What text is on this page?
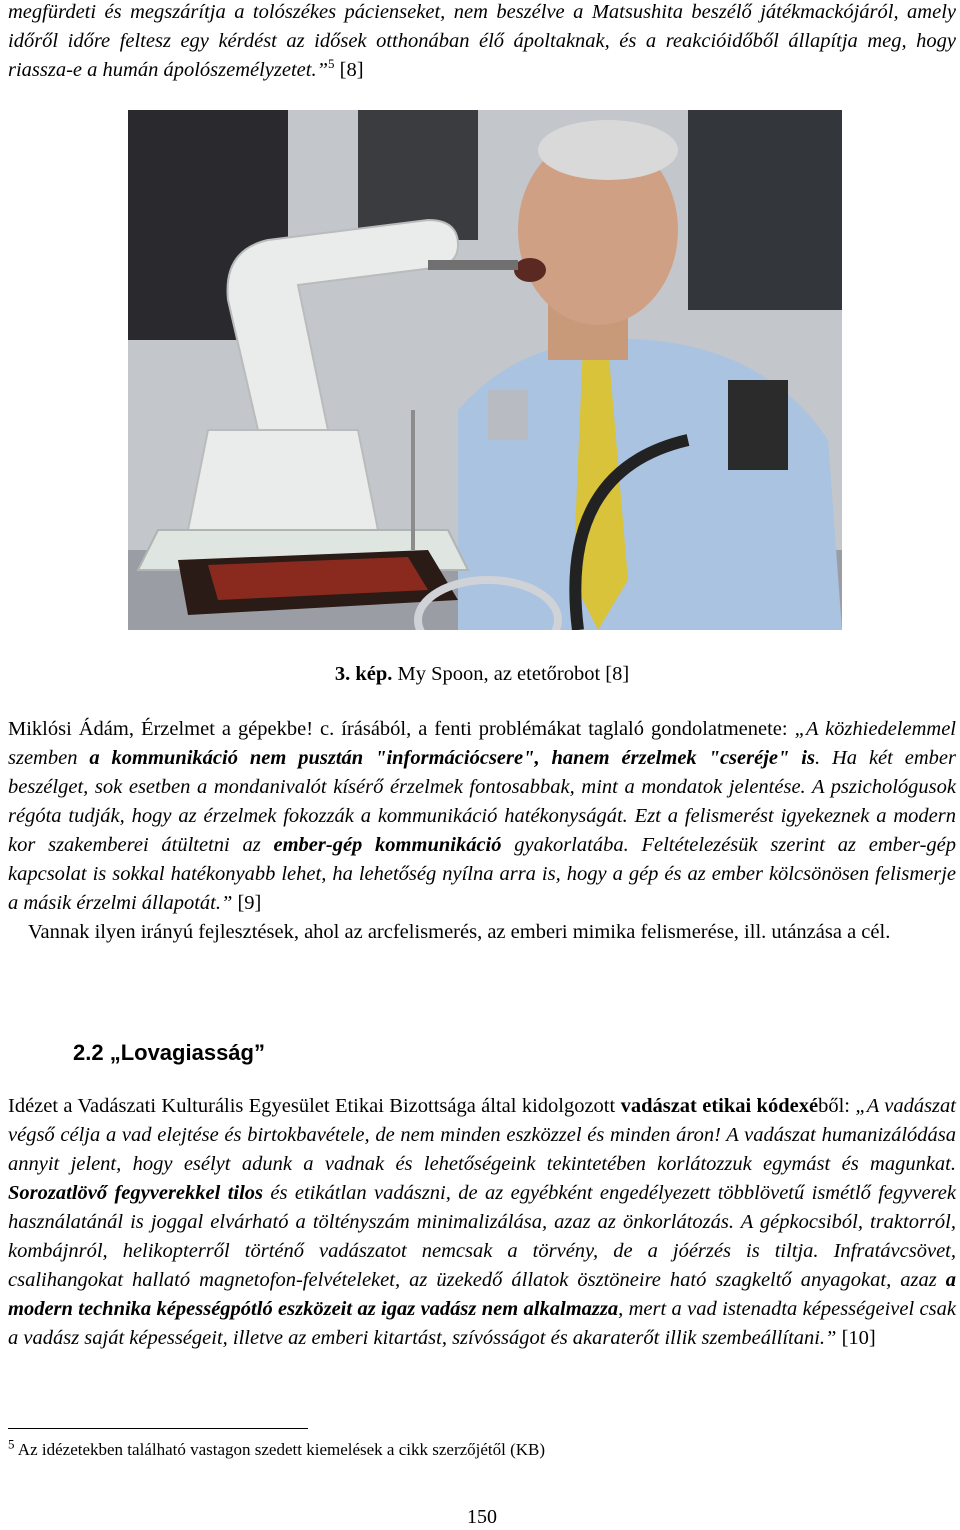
megfürdeti és megszárítja a tolószékes pácienseket, nem beszélve a Matsushita beszélő játékmackójáról, amely időről időre feltesz egy kérdést az idősek otthonában élő ápoltaknak, és a reakcióidőből állapítja meg, hogy riassza-e a humán ápolószemélyzetet.”$^5$ [8]

3. kép. My Spoon, az etetőrobot [8]

Miklósi Ádám, Érzelmet a gépekbe! c. írásából, a fenti problémákat taglaló gondolatmenete: „A közhiedelemmel szemben a kommunikáció nem pusztán "információcsere", hanem érzelmek "cseréje" is. Ha két ember beszélget, sok esetben a mondanivalót kísérő érzelmek fontosabbak, mint a mondatok jelentése. A pszichológusok régóta tudják, hogy az érzelmek fokozzák a kommunikáció hatékonyságát. Ezt a felismerést igyekeznek a modern kor szakemberei átültetni az ember-gép kommunikáció gyakorlatába. Feltételezésük szerint az ember-gép kapcsolat is sokkal hatékonyabb lehet, ha lehetőség nyílna arra is, hogy a gép és az ember kölcsönösen felismerje a másik érzelmi állapotát.” [9]

Vannak ilyen irányú fejlesztések, ahol az arcfelismerés, az emberi mimika felismerése, ill. utánzása a cél.

2.2 „Lovagiasság”

Idézet a Vadászati Kulturális Egyesület Etikai Bizottsága által kidolgozott vadászat etikai kódexéből: „A vadászat végső célja a vad elejtése és birtokbavétele, de nem minden eszközzel és minden áron! A vadászat humanizálódása annyit jelent, hogy esélyt adunk a vadnak és lehetőségeink tekintetében korlátozzuk egymást és magunkat. Sorozatlövő fegyverekkel tilos és etikátlan vadászni, de az egyébként engedélyezett többlövetű ismétlő fegyverek használatánál is joggal elvárható a töltényszám minimalizálása, azaz az önkorlátozás. A gépkocsiból, traktorról, kombájnról, helikopterről történő vadászatot nemcsak a törvény, de a jóérzés is tiltja. Infratávcsövet, csalihangokat hallató magnetofon-felvételeket, az üzekedő állatok ösztöneire ható szagkeltő anyagokat, azaz a modern technika képességpótló eszközeit az igaz vadász nem alkalmazza, mert a vad istenadta képességeivel csak a vadász saját képességeit, illetve az emberi kitartást, szívósságot és akaraterőt illik szembeállítani.” [10]

$^5$ Az idézetekben található vastagon szedett kiemelések a cikk szerzőjétől (KB)
150
